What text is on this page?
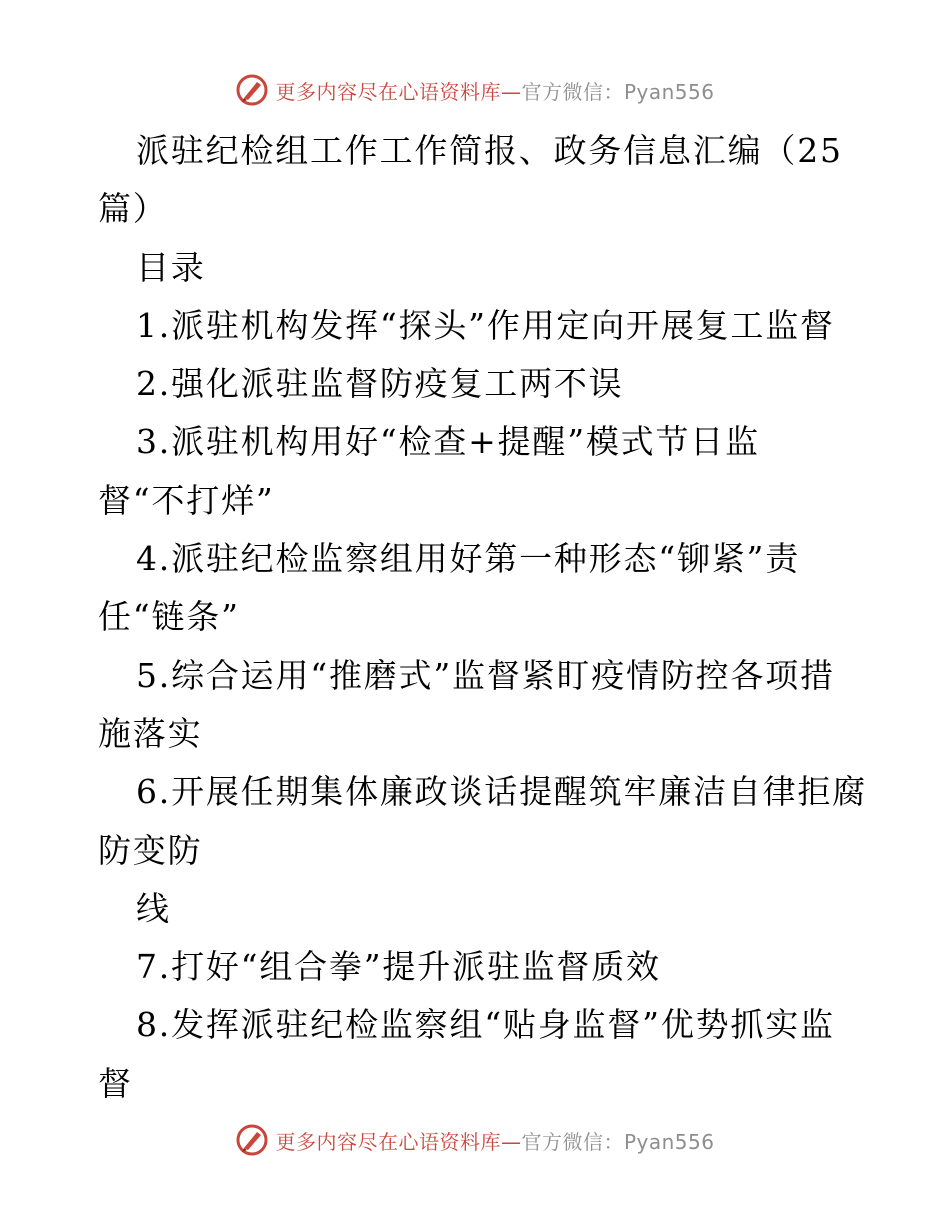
更多内容尽在心语资料库—官方微信：Pyan556
派驻纪检组工作工作简报、政务信息汇编（25
篇）
目录
1.派驻机构发挥“探头”作用定向开展复工监督
2.强化派驻监督防疫复工两不误
3.派驻机构用好“检查+提醒”模式节日监
督“不打烊”
4.派驻纪检监察组用好第一种形态“铆紧”责
任“链条”
5.综合运用“推磨式”监督紧盯疫情防控各项措
施落实
6.开展任期集体廉政谈话提醒筑牢廉洁自律拒腐
防变防
线
7.打好“组合拳”提升派驻监督质效
8.发挥派驻纪检监察组“贴身监督”优势抓实监
督
更多内容尽在心语资料库—官方微信：Pyan556
